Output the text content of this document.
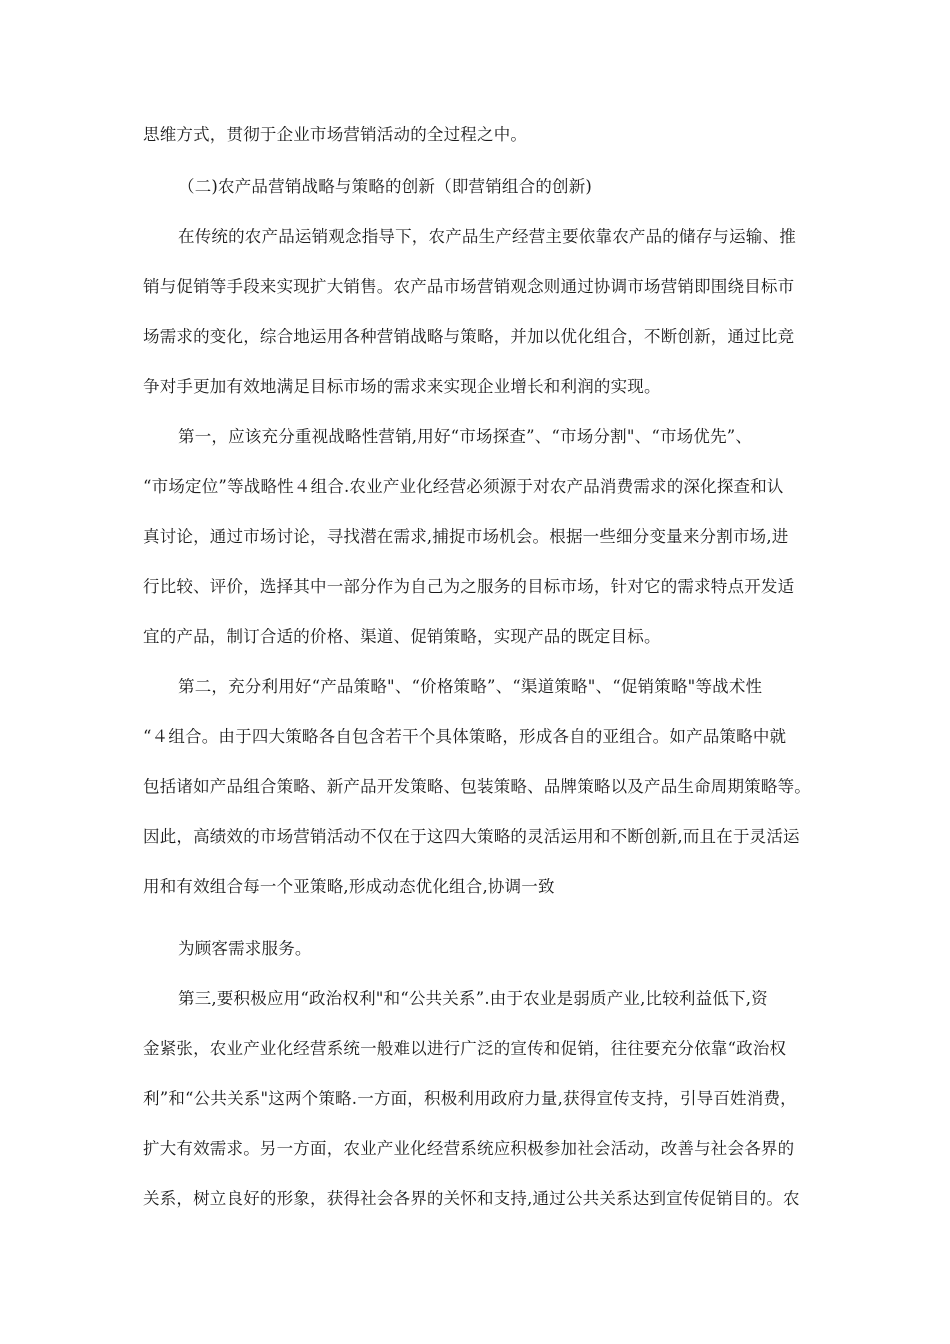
思维方式，贯彻于企业市场营销活动的全过程之中。
（二)农产品营销战略与策略的创新（即营销组合的创新)
在传统的农产品运销观念指导下，农产品生产经营主要依靠农产品的储存与运输、推
销与促销等手段来实现扩大销售。农产品市场营销观念则通过协调市场营销即围绕目标市
场需求的变化，综合地运用各种营销战略与策略，并加以优化组合，不断创新，通过比竞
争对手更加有效地满足目标市场的需求来实现企业增长和利润的实现。
第一，应该充分重视战略性营销,用好“市场探查”、“市场分割"、“市场优先”、
“市场定位”等战略性４组合.农业产业化经营必须源于对农产品消费需求的深化探查和认
真讨论，通过市场讨论，寻找潜在需求,捕捉市场机会。根据一些细分变量来分割市场,进
行比较、评价，选择其中一部分作为自己为之服务的目标市场，针对它的需求特点开发适
宜的产品，制订合适的价格、渠道、促销策略，实现产品的既定目标。
第二，充分利用好“产品策略"、“价格策略”、“渠道策略"、“促销策略"等战术性
“４组合。由于四大策略各自包含若干个具体策略，形成各自的亚组合。如产品策略中就
包括诸如产品组合策略、新产品开发策略、包装策略、品牌策略以及产品生命周期策略等。
因此，高绩效的市场营销活动不仅在于这四大策略的灵活运用和不断创新,而且在于灵活运
用和有效组合每一个亚策略,形成动态优化组合,协调一致
为顾客需求服务。
第三,要积极应用“政治权利"和“公共关系”.由于农业是弱质产业,比较利益低下,资
金紧张，农业产业化经营系统一般难以进行广泛的宣传和促销，往往要充分依靠“政治权
利”和“公共关系"这两个策略.一方面，积极利用政府力量,获得宣传支持，引导百姓消费，
扩大有效需求。另一方面，农业产业化经营系统应积极参加社会活动，改善与社会各界的
关系，树立良好的形象，获得社会各界的关怀和支持,通过公共关系达到宣传促销目的。农
